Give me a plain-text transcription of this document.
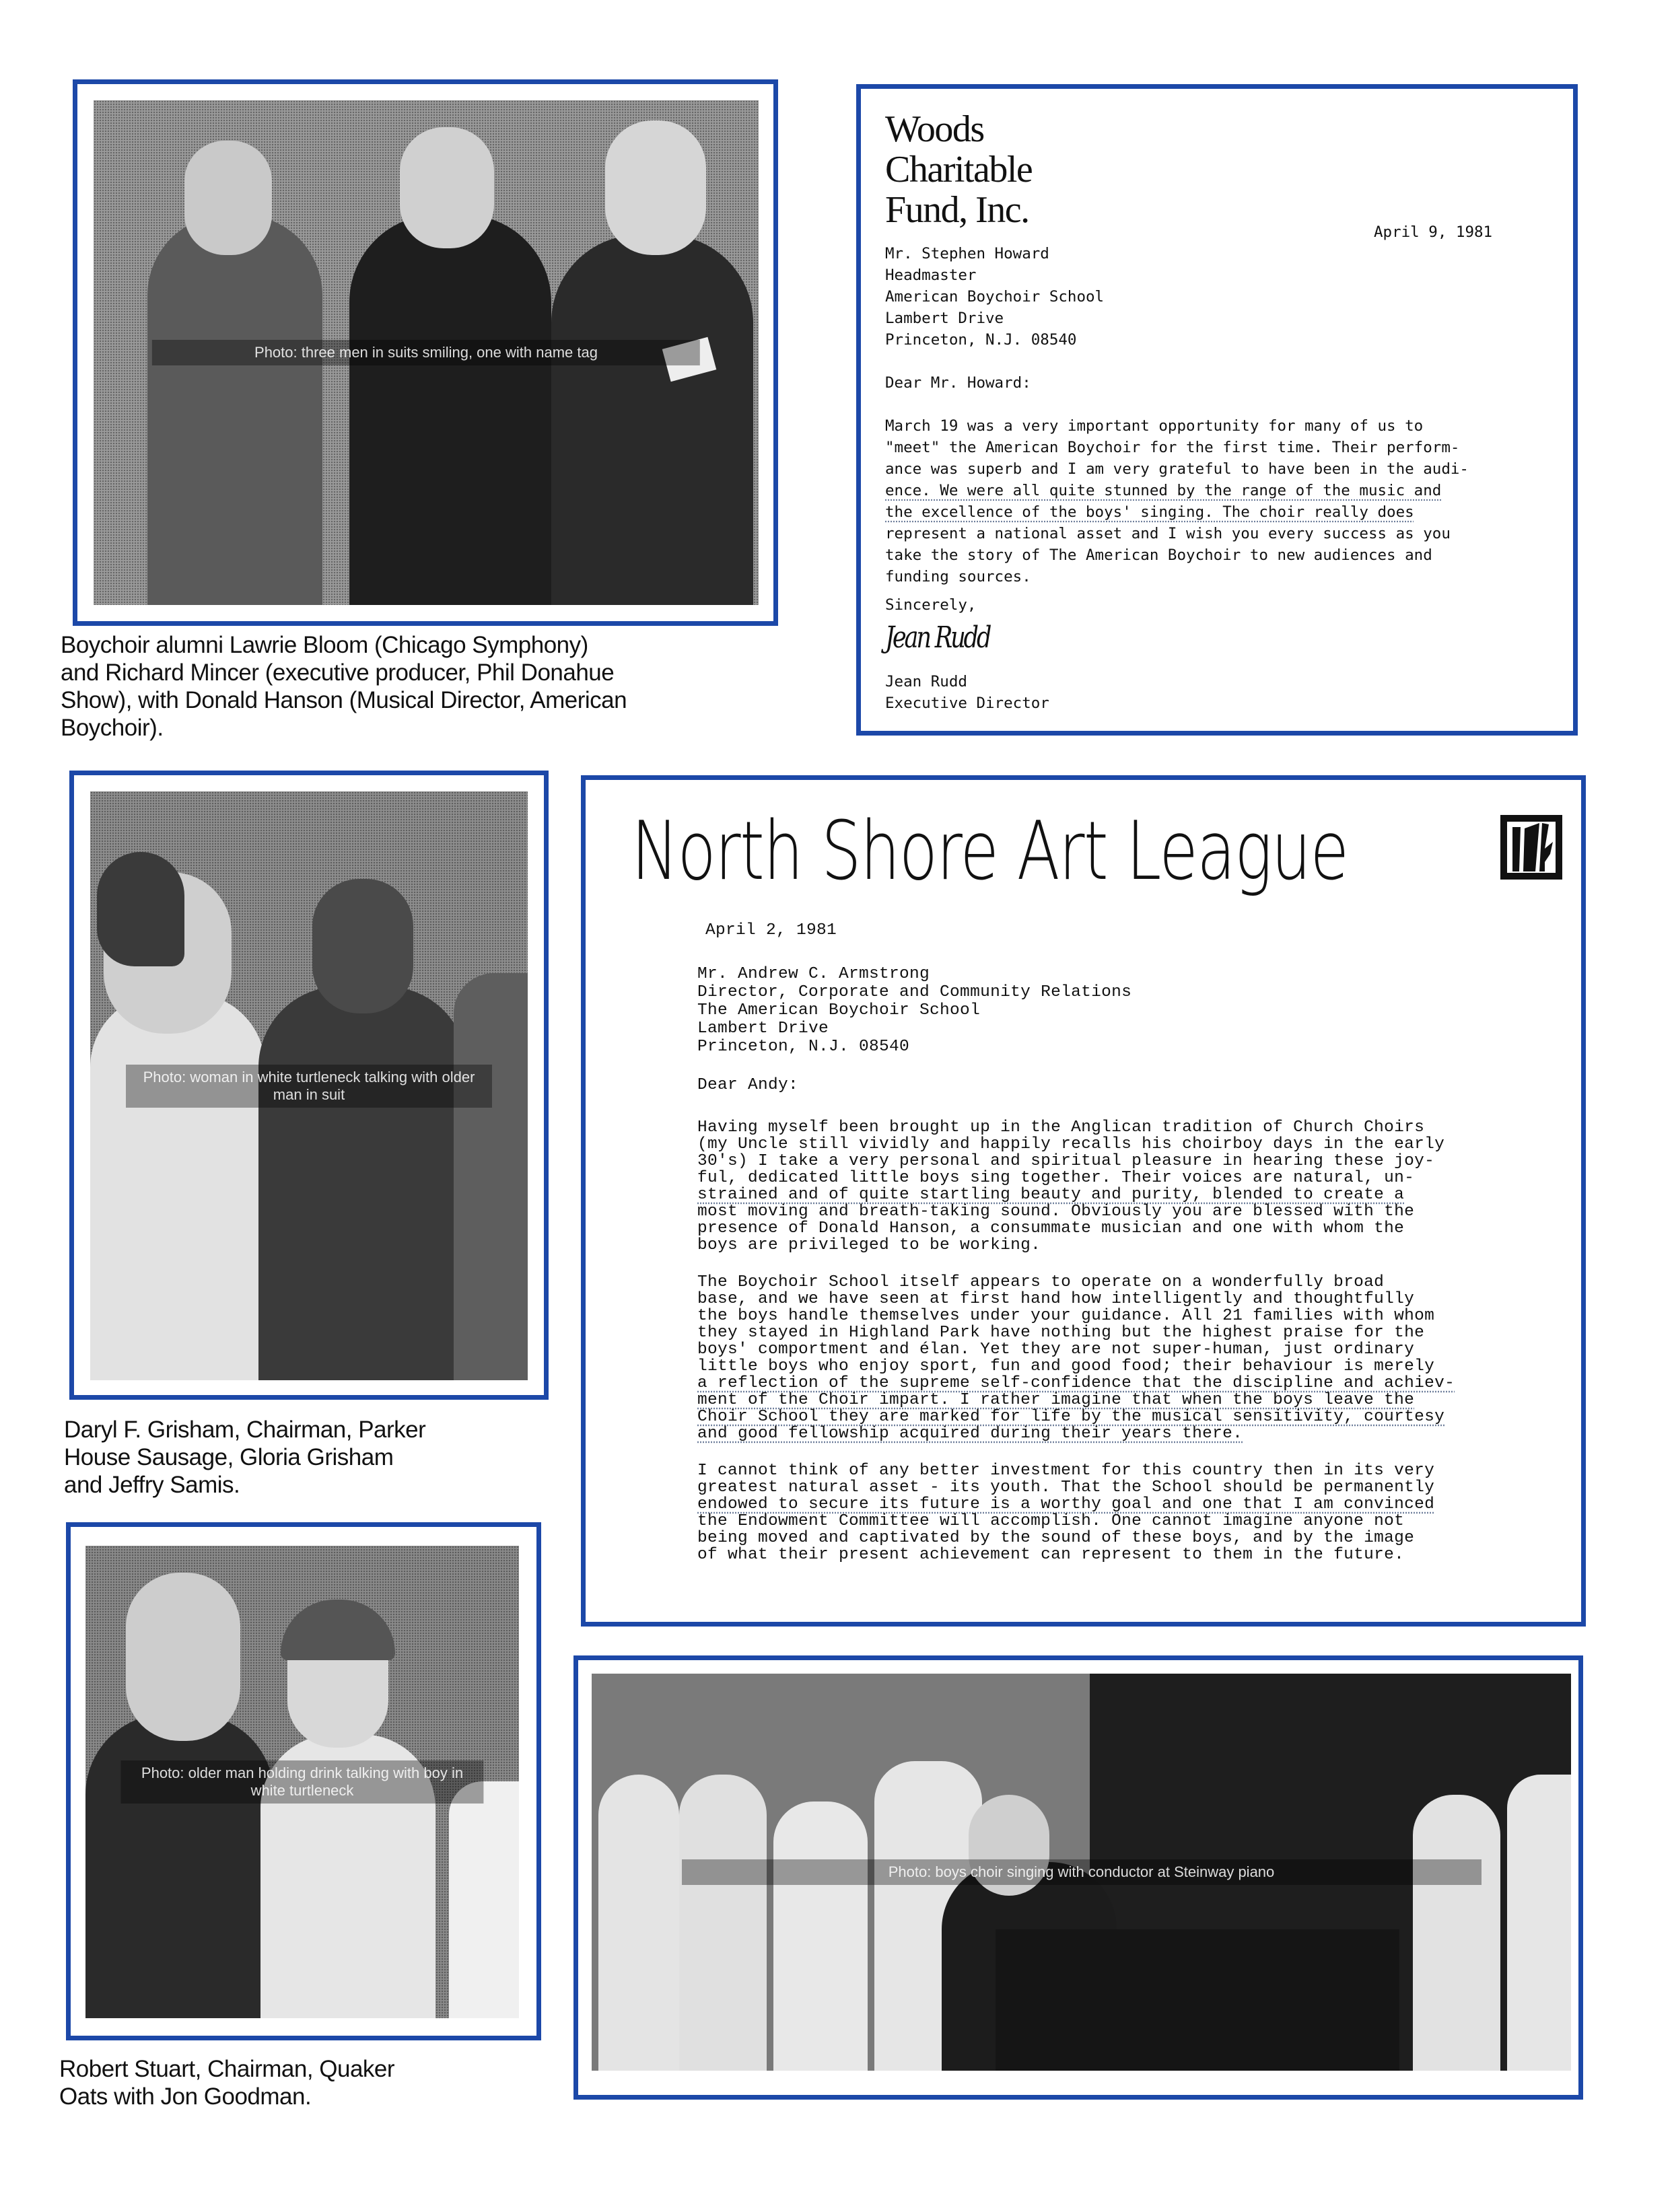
Photo: three men in suits smiling, one with name tag
Boychoir alumni Lawrie Bloom (Chicago Symphony)
and Richard Mincer (executive producer, Phil Donahue
Show), with Donald Hanson (Musical Director, American
Boychoir).
Woods
Charitable
Fund, Inc.
April 9, 1981
Mr. Stephen Howard
Headmaster
American Boychoir School
Lambert Drive
Princeton, N.J. 08540
Dear Mr. Howard:
March 19 was a very important opportunity for many of us to
"meet" the American Boychoir for the first time. Their perform-
ance was superb and I am very grateful to have been in the audi-
ence. We were all quite stunned by the range of the music and
the excellence of the boys' singing. The choir really does
represent a national asset and I wish you every success as you
take the story of The American Boychoir to new audiences and
funding sources.
Sincerely,
Jean Rudd
Jean Rudd
Executive Director
Photo: woman in white turtleneck talking with older man in suit
Daryl F. Grisham, Chairman, Parker
House Sausage, Gloria Grisham
and Jeffry Samis.
North Shore Art League
April 2, 1981
Mr. Andrew C. Armstrong
Director, Corporate and Community Relations
The American Boychoir School
Lambert Drive
Princeton, N.J. 08540
Dear Andy:
Having myself been brought up in the Anglican tradition of Church Choirs
(my Uncle still vividly and happily recalls his choirboy days in the early
30's) I take a very personal and spiritual pleasure in hearing these joy-
ful, dedicated little boys sing together. Their voices are natural, un-
strained and of quite startling beauty and purity, blended to create a
most moving and breath-taking sound. Obviously you are blessed with the
presence of Donald Hanson, a consummate musician and one with whom the
boys are privileged to be working.
The Boychoir School itself appears to operate on a wonderfully broad
base, and we have seen at first hand how intelligently and thoughtfully
the boys handle themselves under your guidance. All 21 families with whom
they stayed in Highland Park have nothing but the highest praise for the
boys' comportment and élan. Yet they are not super-human, just ordinary
little boys who enjoy sport, fun and good food; their behaviour is merely
a reflection of the supreme self-confidence that the discipline and achiev-
ment of the Choir impart. I rather imagine that when the boys leave the
Choir School they are marked for life by the musical sensitivity, courtesy
and good fellowship acquired during their years there.
I cannot think of any better investment for this country then in its very
greatest natural asset - its youth. That the School should be permanently
endowed to secure its future is a worthy goal and one that I am convinced
the Endowment Committee will accomplish. One cannot imagine anyone not
being moved and captivated by the sound of these boys, and by the image
of what their present achievement can represent to them in the future.
Photo: older man holding drink talking with boy in white turtleneck
Robert Stuart, Chairman, Quaker
Oats with Jon Goodman.
Photo: boys choir singing with conductor at Steinway piano
